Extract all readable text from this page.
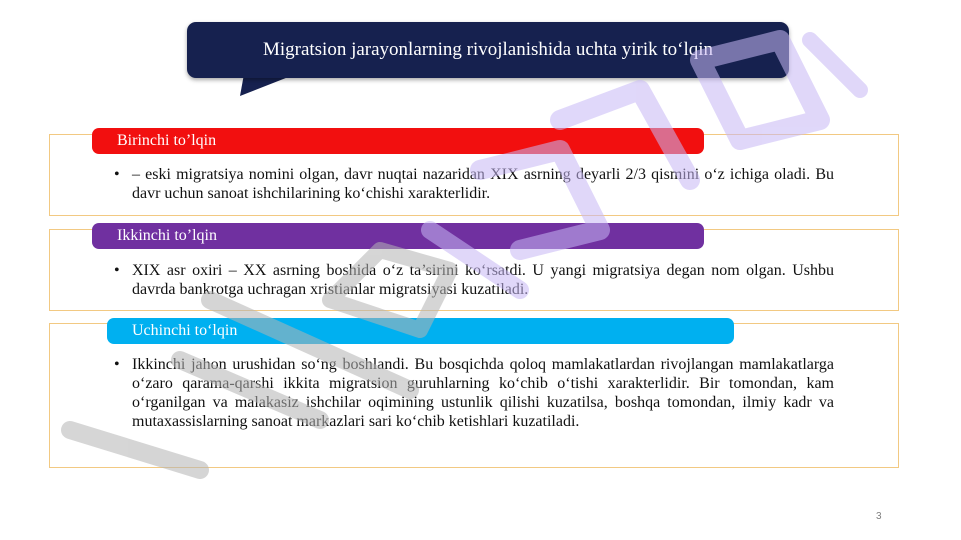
Migratsion jarayonlarning rivojlanishida uchta yirik to‘lqin
Birinchi to’lqin
• – eski migratsiya nomini olgan, davr nuqtai nazaridan XIX asrning deyarli 2/3 qismini o‘z ichiga oladi. Bu davr uchun sanoat ishchilarining ko‘chishi xarakterlidir.
Ikkinchi to’lqin
• XIX asr oxiri – XX asrning boshida o‘z ta’sirini ko‘rsatdi. U yangi migratsiya degan nom olgan. Ushbu davrda bankrotga uchragan xristianlar migratsiyasi kuzatiladi.
Uchinchi to‘lqin
• Ikkinchi jahon urushidan so‘ng boshlandi. Bu bosqichda qoloq mamlakatlardan rivojlangan mamlakatlarga o‘zaro qarama-qarshi ikkita migratsion guruhlarning ko‘chib o‘tishi xarakterlidir. Bir tomondan, kam o‘rganilgan va malakasiz ishchilar oqimining ustunlik qilishi kuzatilsa, boshqa tomondan, ilmiy kadr va mutaxassislarning sanoat markazlari sari ko‘chib ketishlari kuzatiladi.
3
